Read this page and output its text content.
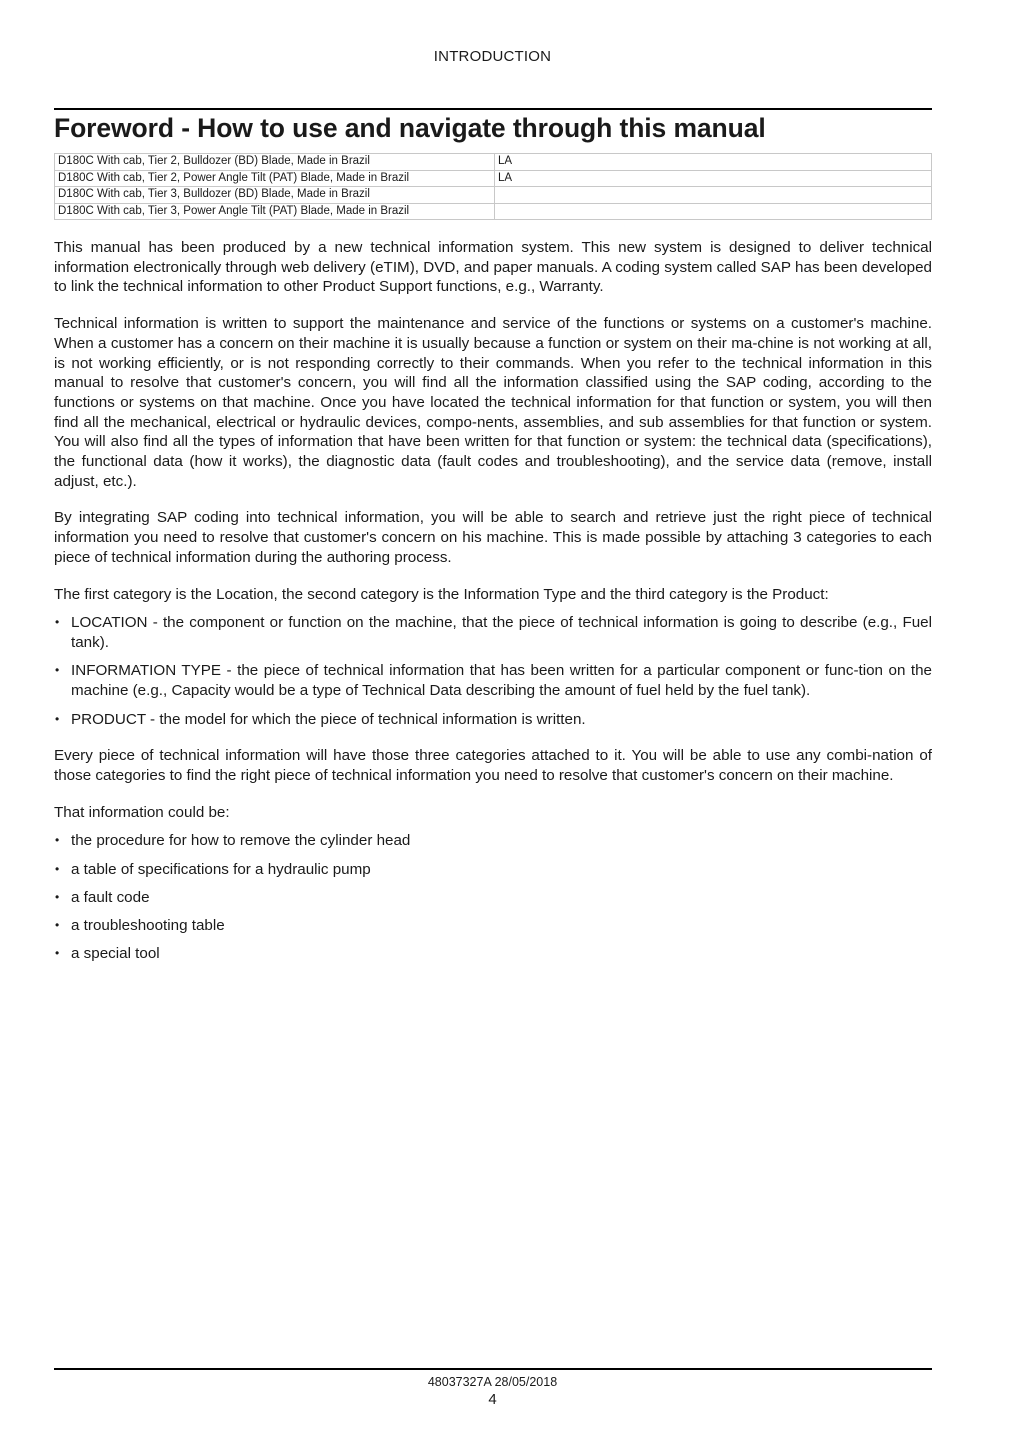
INTRODUCTION
Foreword - How to use and navigate through this manual
D180C With cab, Tier 2, Bulldozer (BD) Blade, Made in Brazil	LA
D180C With cab, Tier 2, Power Angle Tilt (PAT) Blade, Made in Brazil	LA
D180C With cab, Tier 3, Bulldozer (BD) Blade, Made in Brazil	
D180C With cab, Tier 3, Power Angle Tilt (PAT) Blade, Made in Brazil	

This manual has been produced by a new technical information system. This new system is designed to deliver technical information electronically through web delivery (eTIM), DVD, and paper manuals. A coding system called SAP has been developed to link the technical information to other Product Support functions, e.g., Warranty.

Technical information is written to support the maintenance and service of the functions or systems on a customer's machine. When a customer has a concern on their machine it is usually because a function or system on their ma-chine is not working at all, is not working efficiently, or is not responding correctly to their commands. When you refer to the technical information in this manual to resolve that customer's concern, you will find all the information classified using the SAP coding, according to the functions or systems on that machine. Once you have located the technical information for that function or system, you will then find all the mechanical, electrical or hydraulic devices, compo-nents, assemblies, and sub assemblies for that function or system. You will also find all the types of information that have been written for that function or system: the technical data (specifications), the functional data (how it works), the diagnostic data (fault codes and troubleshooting), and the service data (remove, install adjust, etc.).

By integrating SAP coding into technical information, you will be able to search and retrieve just the right piece of technical information you need to resolve that customer's concern on his machine. This is made possible by attaching 3 categories to each piece of technical information during the authoring process.

The first category is the Location, the second category is the Information Type and the third category is the Product:

• LOCATION - the component or function on the machine, that the piece of technical information is going to describe (e.g., Fuel tank).
• INFORMATION TYPE - the piece of technical information that has been written for a particular component or func-tion on the machine (e.g., Capacity would be a type of Technical Data describing the amount of fuel held by the fuel tank).
• PRODUCT - the model for which the piece of technical information is written.

Every piece of technical information will have those three categories attached to it. You will be able to use any combi-nation of those categories to find the right piece of technical information you need to resolve that customer's concern on their machine.

That information could be:

• the procedure for how to remove the cylinder head
• a table of specifications for a hydraulic pump
• a fault code
• a troubleshooting table
• a special tool
48037327A 28/05/2018
4
